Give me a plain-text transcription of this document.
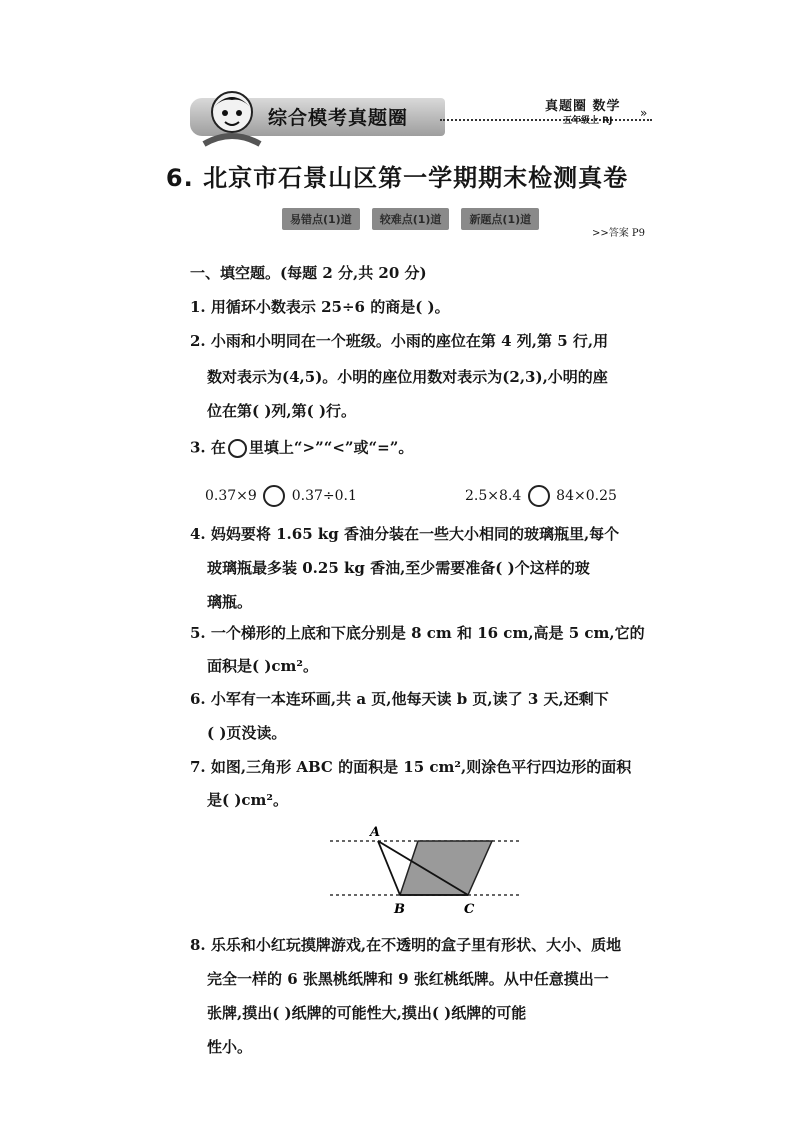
综合模考真题圈	»
真题圈 数学
五年级上 RJ
6. 北京市石景山区第一学期期末检测真卷
易错点(1)道	较难点(1)道	新题点(1)道
>>答案 P9
一、填空题。(每题 2 分,共 20 分)
1. 用循环小数表示 25÷6 的商是( )。
2. 小雨和小明同在一个班级。小雨的座位在第 4 列,第 5 行,用
数对表示为(4,5)。小明的座位用数对表示为(2,3),小明的座
位在第( )列,第( )行。
3. 在 里填上“>”“<”或“=”。
0.37×9 0.37÷0.1	2.5×8.4 84×0.25
4. 妈妈要将 1.65 kg 香油分装在一些大小相同的玻璃瓶里,每个
玻璃瓶最多装 0.25 kg 香油,至少需要准备( )个这样的玻
璃瓶。
5. 一个梯形的上底和下底分别是 8 cm 和 16 cm,高是 5 cm,它的
面积是( )cm²。
6. 小军有一本连环画,共 a 页,他每天读 b 页,读了 3 天,还剩下
( )页没读。
7. 如图,三角形 ABC 的面积是 15 cm²,则涂色平行四边形的面积
是( )cm²。
A
B	C
8. 乐乐和小红玩摸牌游戏,在不透明的盒子里有形状、大小、质地
完全一样的 6 张黑桃纸牌和 9 张红桃纸牌。从中任意摸出一
张牌,摸出( )纸牌的可能性大,摸出( )纸牌的可能
性小。
